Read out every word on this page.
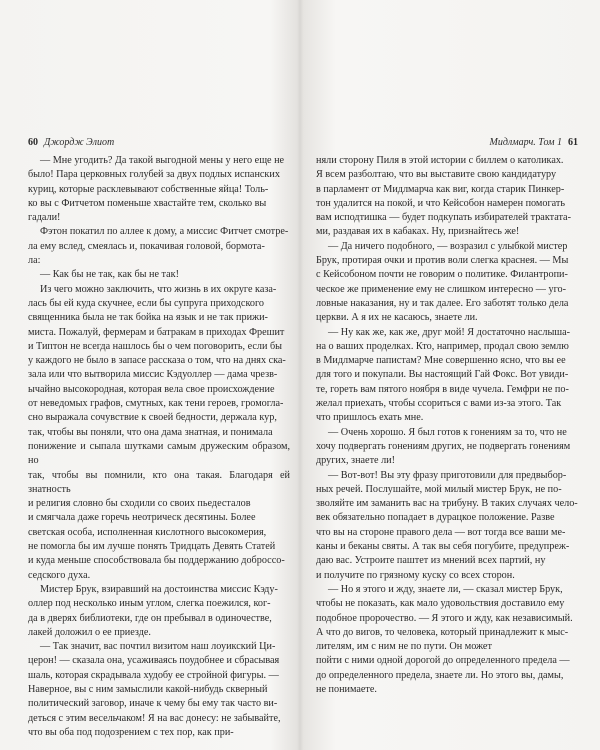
60 Джордж Элиот

— Мне угодить? Да такой выгодной мены у него еще не

было! Пара церковных голубей за двух подлых испанских

куриц, которые расклевывают собственные яйца! Толь-

ко вы с Фитчетом поменьше хвастайте тем, сколько вы

гадали!

Фэтон покатил по аллее к дому, а миссис Фитчет смотре-

ла ему вслед, смеялась и, покачивая головой, бормота-

ла:

— Как бы не так, как бы не так!

Из чего можно заключить, что жизнь в их округе каза-

лась бы ей куда скучнее, если бы супруга приходского

священника была не так бойка на язык и не так прижи-

миста. Пожалуй, фермерам и батракам в приходах Фрешит

и Типтон не всегда нашлось бы о чем поговорить, если бы

у каждого не было в запасе рассказа о том, что на днях ска-

зала или что вытворила миссис Кэдуоллер — дама чрезв-

ычайно высокородная, которая вела свое происхождение

от неведомых графов, смутных, как тени героев, громогла-

сно выражала сочувствие к своей бедности, держала кур,

так, чтобы вы поняли, что она дама знатная, и понимала

понижение и сыпала шутками самым дружеским образом, но

так, чтобы вы помнили, кто она такая. Благодаря ей знатность

и религия словно бы сходили со своих пьедесталов

и смягчала даже горечь неотрическ десятины. Более

светская особа, исполненная кислотного высокомерия,

не помогла бы им лучше понять Тридцать Девять Статей

и куда меньше способствовала бы поддержанию доброссо-

седского духа.

Мистер Брук, взиравший на достоинства миссис Кэду-

оллер под несколько иным углом, слегка поежился, ког-

да в дверях библиотеки, где он пребывал в одиночестве,

лакей доложил о ее приезде.

— Так значит, вас почтил визитом наш лоуикский Ци-

церон! — сказала она, усаживаясь поудобнее и сбрасывая

шаль, которая скрадывала худобу ее стройной фигуры. —

Наверное, вы с ним замыслили какой-нибудь скверный

политический заговор, иначе к чему бы ему так часто ви-

деться с этим весельчаком! Я на вас донесу: не забывайте,

что вы оба под подозрением с тех пор, как при-

Мидлмарч. Том 1 61

няли сторону Пиля в этой истории с биллем о католиках.

Я всем разболтаю, что вы выставите свою кандидатуру

в парламент от Мидлмарча как виг, когда старик Пинкер-

тон удалится на покой, и что Кейсобон намерен помогать

вам исподтишка — будет подкупать избирателей трактата-

ми, раздавая их в кабаках. Ну, признайтесь же!

— Да ничего подобного, — возразил с улыбкой мистер

Брук, протирая очки и против воли слегка краснея. — Мы

с Кейсобоном почти не говорим о политике. Филантропи-

ческое же применение ему не слишком интересно — уго-

ловные наказания, ну и так далее. Его заботят только дела

церкви. А я их не касаюсь, знаете ли.

— Ну как же, как же, друг мой! Я достаточно наслыша-

на о ваших проделках. Кто, например, продал свою землю

в Мидлмарче папистам? Мне совершенно ясно, что вы ее

для того и покупали. Вы настоящий Гай Фокс. Вот увиди-

те, гореть вам пятого ноября в виде чучела. Гемфри не по-

желал приехать, чтобы ссориться с вами из-за этого. Так

что пришлось ехать мне.

— Очень хорошо. Я был готов к гонениям за то, что не

хочу подвергать гонениям других, не подвергать гонениям

других, знаете ли!

— Вот-вот! Вы эту фразу приготовили для предвыбор-

ных речей. Послушайте, мой милый мистер Брук, не по-

зволяйте им заманить вас на трибуну. В таких случаях чело-

век обязательно попадает в дурацкое положение. Разве

что вы на стороне правого дела — вот тогда все ваши ме-

каны и беканы святы. А так вы себя погубите, предупреж-

даю вас. Устроите паштет из мнений всех партий, ну

и получите по грязному куску со всех сторон.

— Но я этого и жду, знаете ли, — сказал мистер Брук,

чтобы не показать, как мало удовольствия доставило ему

подобное пророчество. — Я этого и жду, как независимый.

А что до вигов, то человека, который принадлежит к мыс-

лителям, им с ним не по пути. Он может

пойти с ними одной дорогой до определенного предела —

до определенного предела, знаете ли. Но этого вы, дамы,

не понимаете.
